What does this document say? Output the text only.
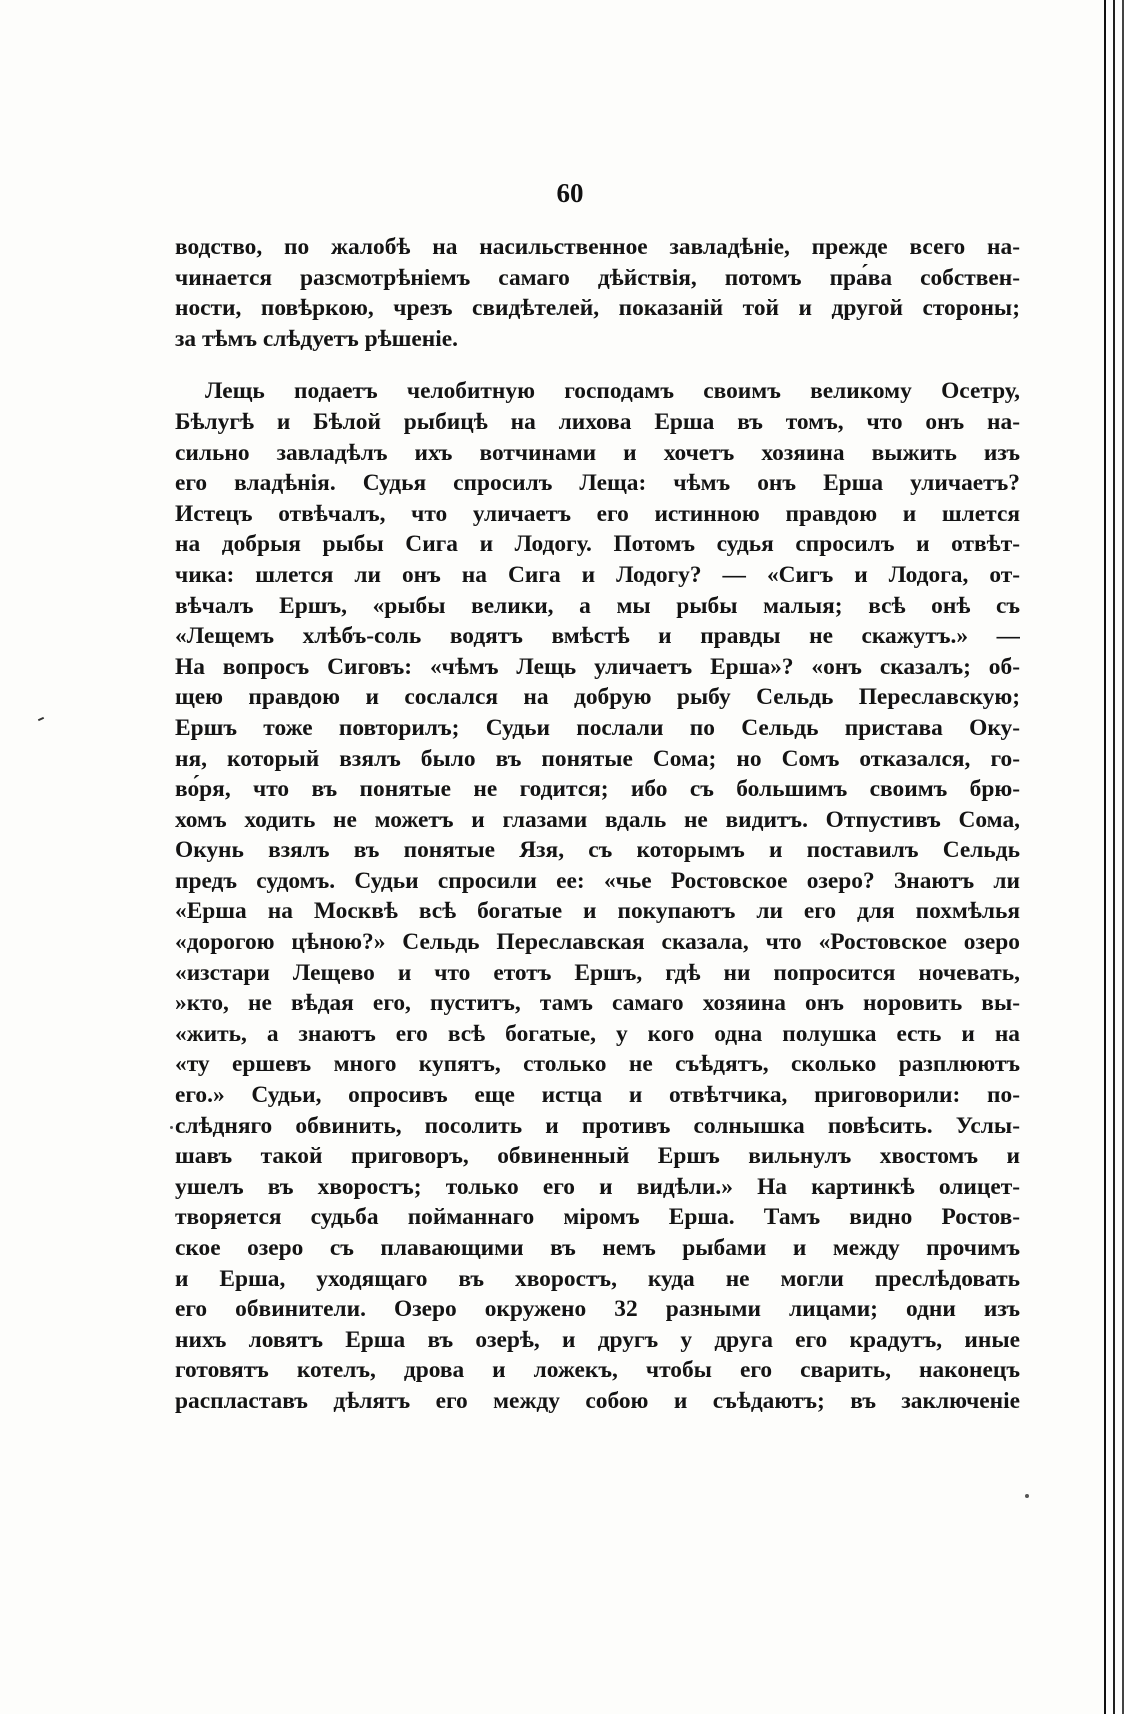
60
водство, по жалобѣ на насильственное завладѣніе, прежде всего на-
чинается разсмотрѣніемъ самаго дѣйствія, потомъ пра́ва собствен-
ности, повѣркою, чрезъ свидѣтелей, показаній той и другой стороны;
за тѣмъ слѣдуетъ рѣшеніе.
Лещь подаетъ челобитную господамъ своимъ великому Осетру,
Бѣлугѣ и Бѣлой рыбицѣ на лихова Ерша въ томъ, что онъ на-
сильно завладѣлъ ихъ вотчинами и хочетъ хозяина выжить изъ
его владѣнія. Судья спросилъ Леща: чѣмъ онъ Ерша уличаетъ?
Истецъ отвѣчалъ, что уличаетъ его истинною правдою и шлется
на добрыя рыбы Сига и Лодогу. Потомъ судья спросилъ и отвѣт-
чика: шлется ли онъ на Сига и Лодогу? — «Сигъ и Лодога, от-
вѣчалъ Ершъ, «рыбы велики, а мы рыбы малыя; всѣ онѣ съ
«Лещемъ хлѣбъ-соль водятъ вмѣстѣ и правды не скажутъ.» —
На вопросъ Сиговъ: «чѣмъ Лещь уличаетъ Ерша»? «онъ сказалъ; об-
щею правдою и сослался на добрую рыбу Сельдь Переславскую;
Ершъ тоже повторилъ; Судьи послали по Сельдь пристава Оку-
ня, который взялъ было въ понятые Сома; но Сомъ отказался, го-
во́ря, что въ понятые не годится; ибо съ большимъ своимъ брю-
хомъ ходить не можетъ и глазами вдаль не видитъ. Отпустивъ Сома,
Окунь взялъ въ понятые Язя, съ которымъ и поставилъ Сельдь
предъ судомъ. Судьи спросили ее: «чье Ростовское озеро? Знаютъ ли
«Ерша на Москвѣ всѣ богатые и покупаютъ ли его для похмѣлья
«дорогою цѣною?» Сельдь Переславская сказала, что «Ростовское озеро
«изстари Лещево и что етотъ Ершъ, гдѣ ни попросится ночевать,
»кто, не вѣдая его, пуститъ, тамъ самаго хозяина онъ норовить вы-
«жить, а знаютъ его всѣ богатые, у кого одна полушка есть и на
«ту ершевъ много купятъ, столько не съѣдятъ, сколько разплюютъ
его.» Судьи, опросивъ еще истца и отвѣтчика, приговорили: по-
слѣдняго обвинить, посолить и противъ солнышка повѣсить. Услы-
шавъ такой приговоръ, обвиненный Ершъ вильнулъ хвостомъ и
ушелъ въ хворостъ; только его и видѣли.» На картинкѣ олицет-
творяется судьба пойманнаго міромъ Ерша. Тамъ видно Ростов-
ское озеро съ плавающими въ немъ рыбами и между прочимъ
и Ерша, уходящаго въ хворостъ, куда не могли преслѣдовать
его обвинители. Озеро окружено 32 разными лицами; одни изъ
нихъ ловятъ Ерша въ озерѣ, и другъ у друга его крадутъ, иные
готовятъ котелъ, дрова и ложекъ, чтобы его сварить, наконецъ
распластавъ дѣлятъ его между собою и съѣдаютъ; въ заключеніе
